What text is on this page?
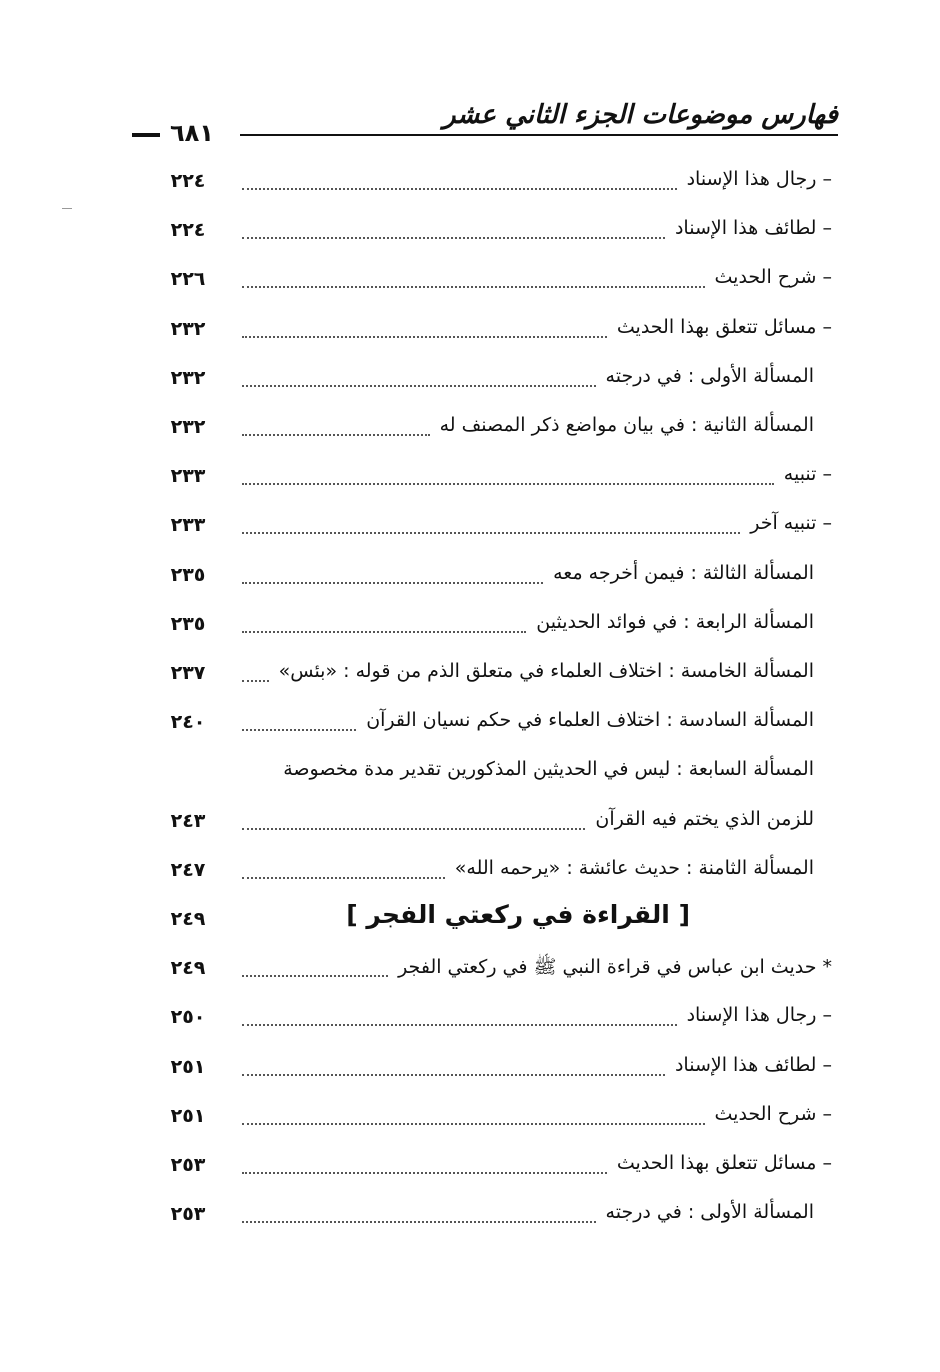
فهارس موضوعات الجزء الثاني عشر
٦٨١
– رجال هذا الإسناد
٢٢٤
– لطائف هذا الإسناد
٢٢٤
– شرح الحديث
٢٢٦
– مسائل تتعلق بهذا الحديث
٢٣٢
المسألة الأولى : في درجته
٢٣٢
المسألة الثانية : في بيان مواضع ذكر المصنف له
٢٣٢
– تنبيه
٢٣٣
– تنبيه آخر
٢٣٣
المسألة الثالثة : فيمن أخرجه معه
٢٣٥
المسألة الرابعة : في فوائد الحديثين
٢٣٥
المسألة الخامسة : اختلاف العلماء في متعلق الذم من قوله : «بئس»
٢٣٧
المسألة السادسة : اختلاف العلماء في حكم نسيان القرآن
٢٤٠
المسألة السابعة : ليس في الحديثين المذكورين تقدير مدة مخصوصة
للزمن الذي يختم فيه القرآن
٢٤٣
المسألة الثامنة : حديث عائشة : «يرحمه الله»
٢٤٧
[ القراءة في ركعتي الفجر ]
٢٤٩
* حديث ابن عباس في قراءة النبي ﷺ في ركعتي الفجر
٢٤٩
– رجال هذا الإسناد
٢٥٠
– لطائف هذا الإسناد
٢٥١
– شرح الحديث
٢٥١
– مسائل تتعلق بهذا الحديث
٢٥٣
المسألة الأولى : في درجته
٢٥٣
